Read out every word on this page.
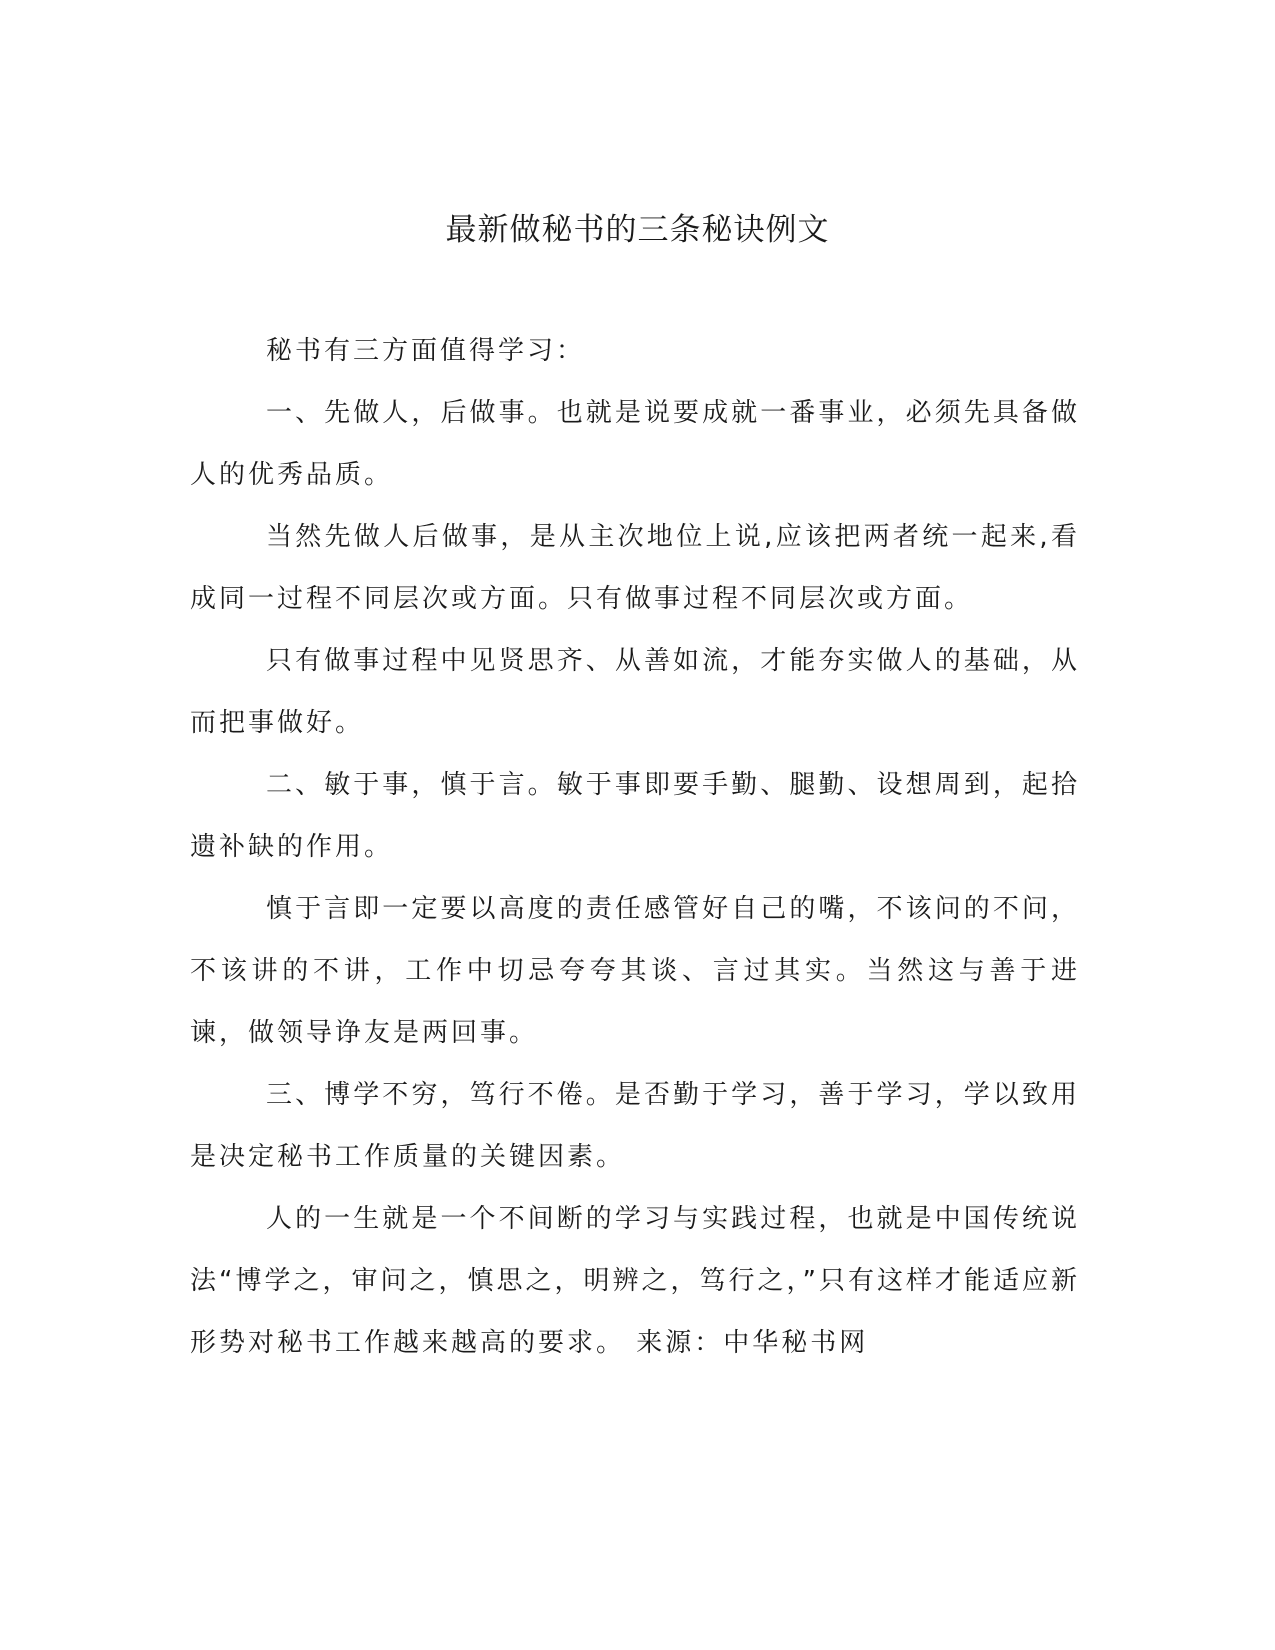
最新做秘书的三条秘诀例文

秘书有三方面值得学习：

一、先做人，后做事。也就是说要成就一番事业，必须先具备做人的优秀品质。

当然先做人后做事，是从主次地位上说,应该把两者统一起来,看成同一过程不同层次或方面。只有做事过程不同层次或方面。

只有做事过程中见贤思齐、从善如流，才能夯实做人的基础，从而把事做好。

二、敏于事，慎于言。敏于事即要手勤、腿勤、设想周到，起拾遗补缺的作用。

慎于言即一定要以高度的责任感管好自己的嘴，不该问的不问，不该讲的不讲，工作中切忌夸夸其谈、言过其实。当然这与善于进谏，做领导诤友是两回事。

三、博学不穷，笃行不倦。是否勤于学习，善于学习，学以致用是决定秘书工作质量的关键因素。

人的一生就是一个不间断的学习与实践过程，也就是中国传统说法“博学之，审问之，慎思之，明辨之，笃行之，”只有这样才能适应新形势对秘书工作越来越高的要求。 来源：中华秘书网
